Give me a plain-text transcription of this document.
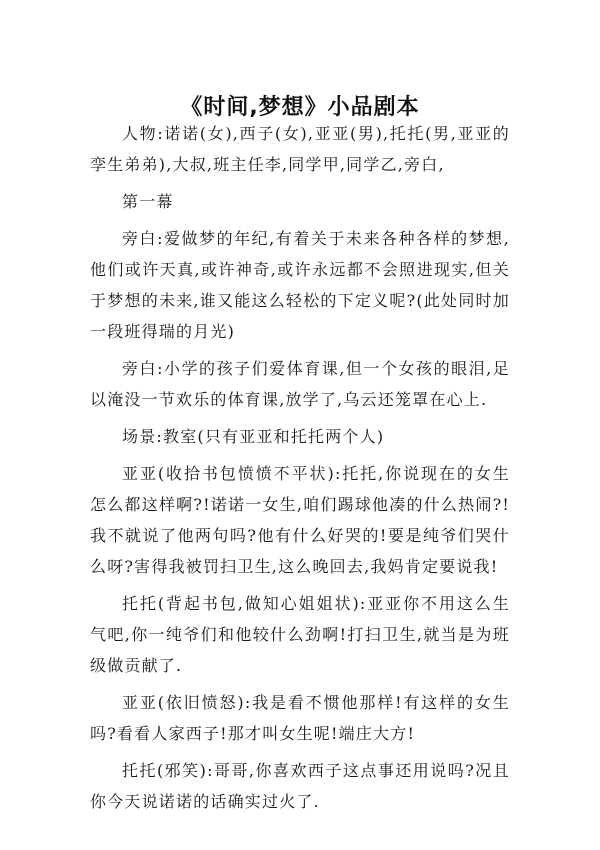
《时间,梦想》小品剧本

人物:诺诺(女),西子(女),亚亚(男),托托(男,亚亚的孪生弟弟),大叔,班主任李,同学甲,同学乙,旁白,

第一幕

旁白:爱做梦的年纪,有着关于未来各种各样的梦想,他们或许天真,或许神奇,或许永远都不会照进现实,但关于梦想的未来,谁又能这么轻松的下定义呢?(此处同时加一段班得瑞的月光)

旁白:小学的孩子们爱体育课,但一个女孩的眼泪,足以淹没一节欢乐的体育课,放学了,乌云还笼罩在心上.

场景:教室(只有亚亚和托托两个人)

亚亚(收拾书包愤愤不平状):托托,你说现在的女生怎么都这样啊?!诺诺一女生,咱们踢球他凑的什么热闹?!我不就说了他两句吗?他有什么好哭的!要是纯爷们哭什么呀?害得我被罚扫卫生,这么晚回去,我妈肯定要说我!

托托(背起书包,做知心姐姐状):亚亚你不用这么生气吧,你一纯爷们和他较什么劲啊!打扫卫生,就当是为班级做贡献了.

亚亚(依旧愤怒):我是看不惯他那样!有这样的女生吗?看看人家西子!那才叫女生呢!端庄大方!

托托(邪笑):哥哥,你喜欢西子这点事还用说吗?况且你今天说诺诺的话确实过火了.
